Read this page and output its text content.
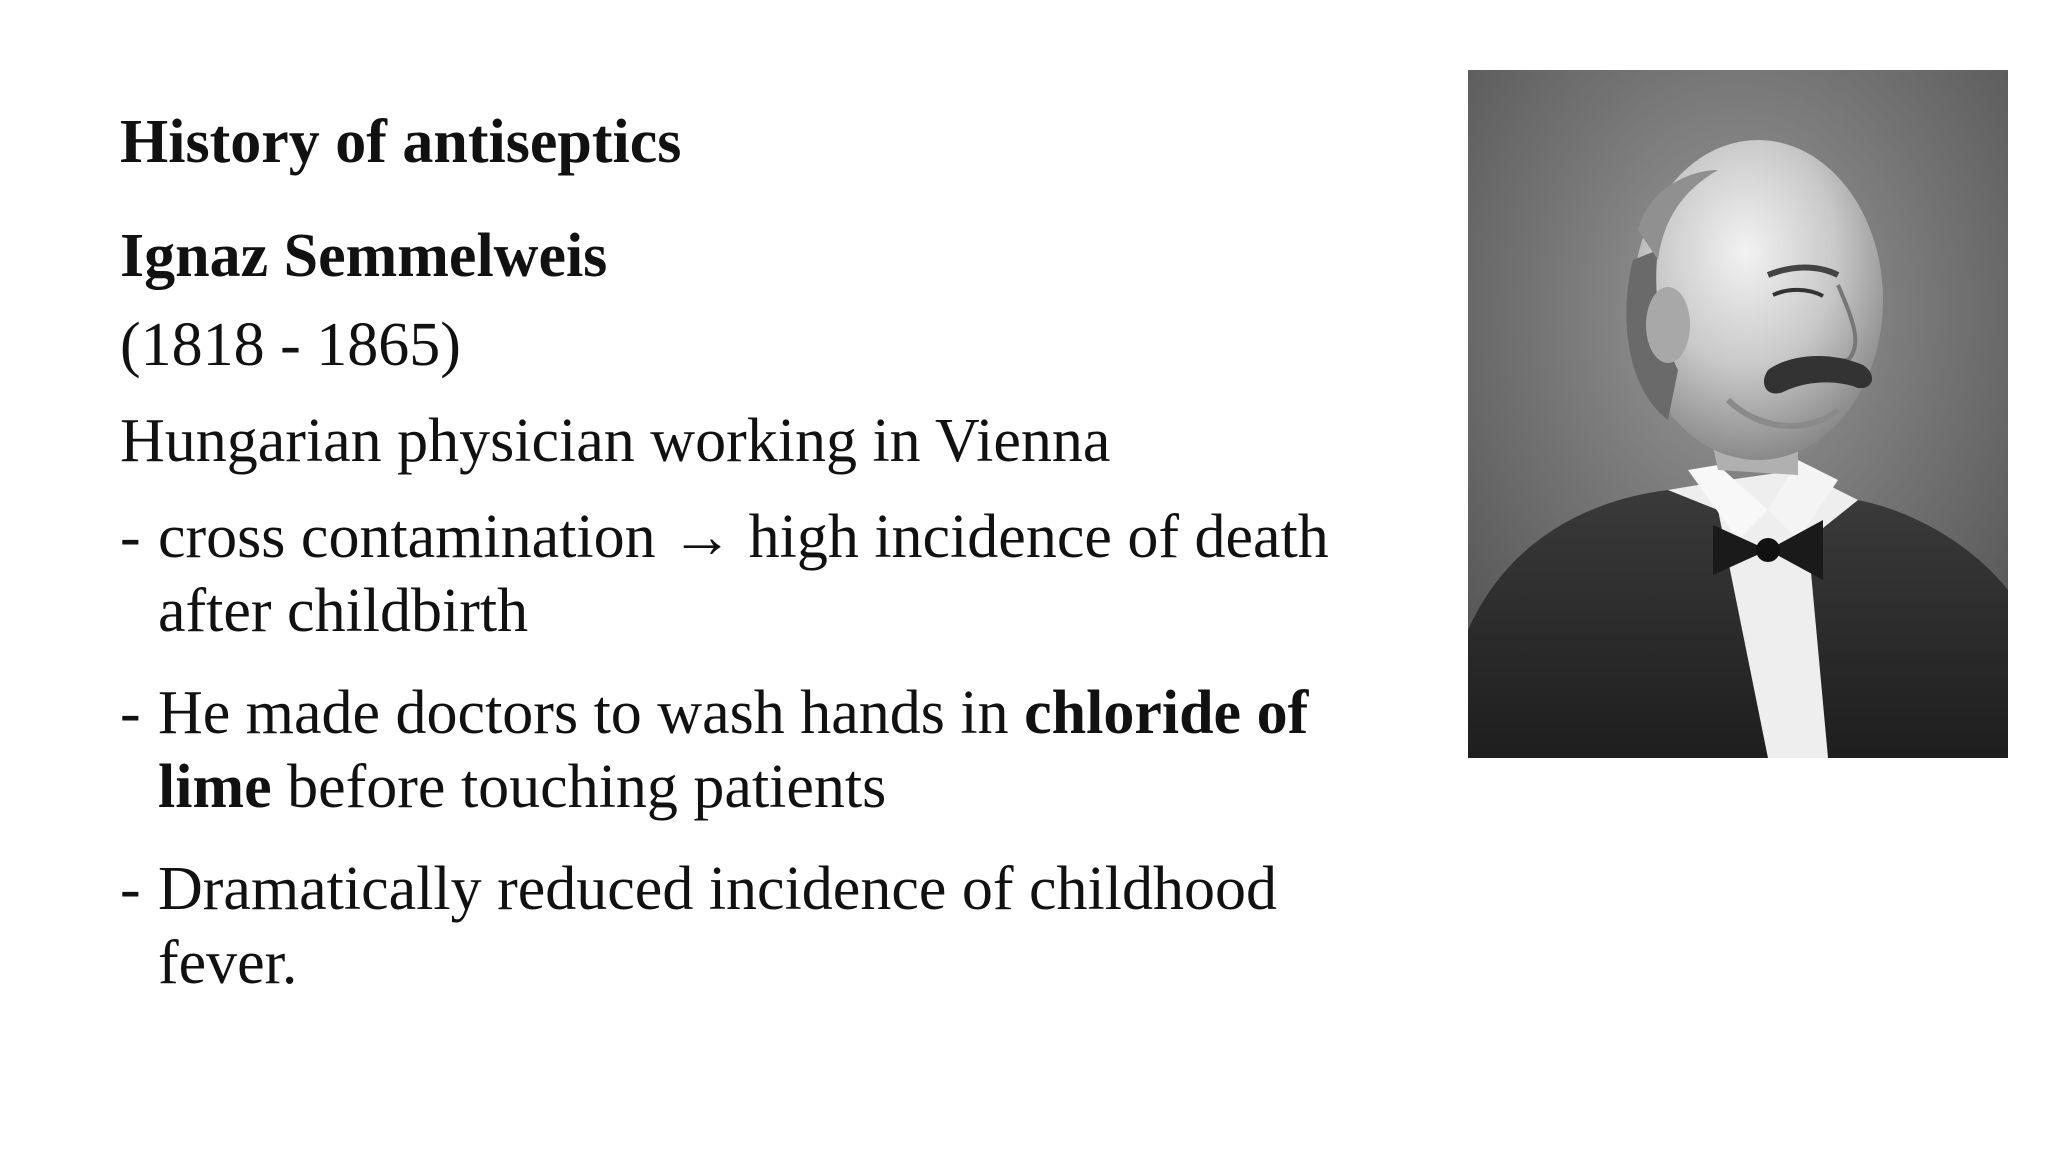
History of antiseptics
Ignaz Semmelweis
(1818 - 1865)
Hungarian physician working in Vienna
- cross contamination → high incidence of death after childbirth
- He made doctors to wash hands in chloride of lime before touching patients
- Dramatically reduced incidence of childhood fever.
